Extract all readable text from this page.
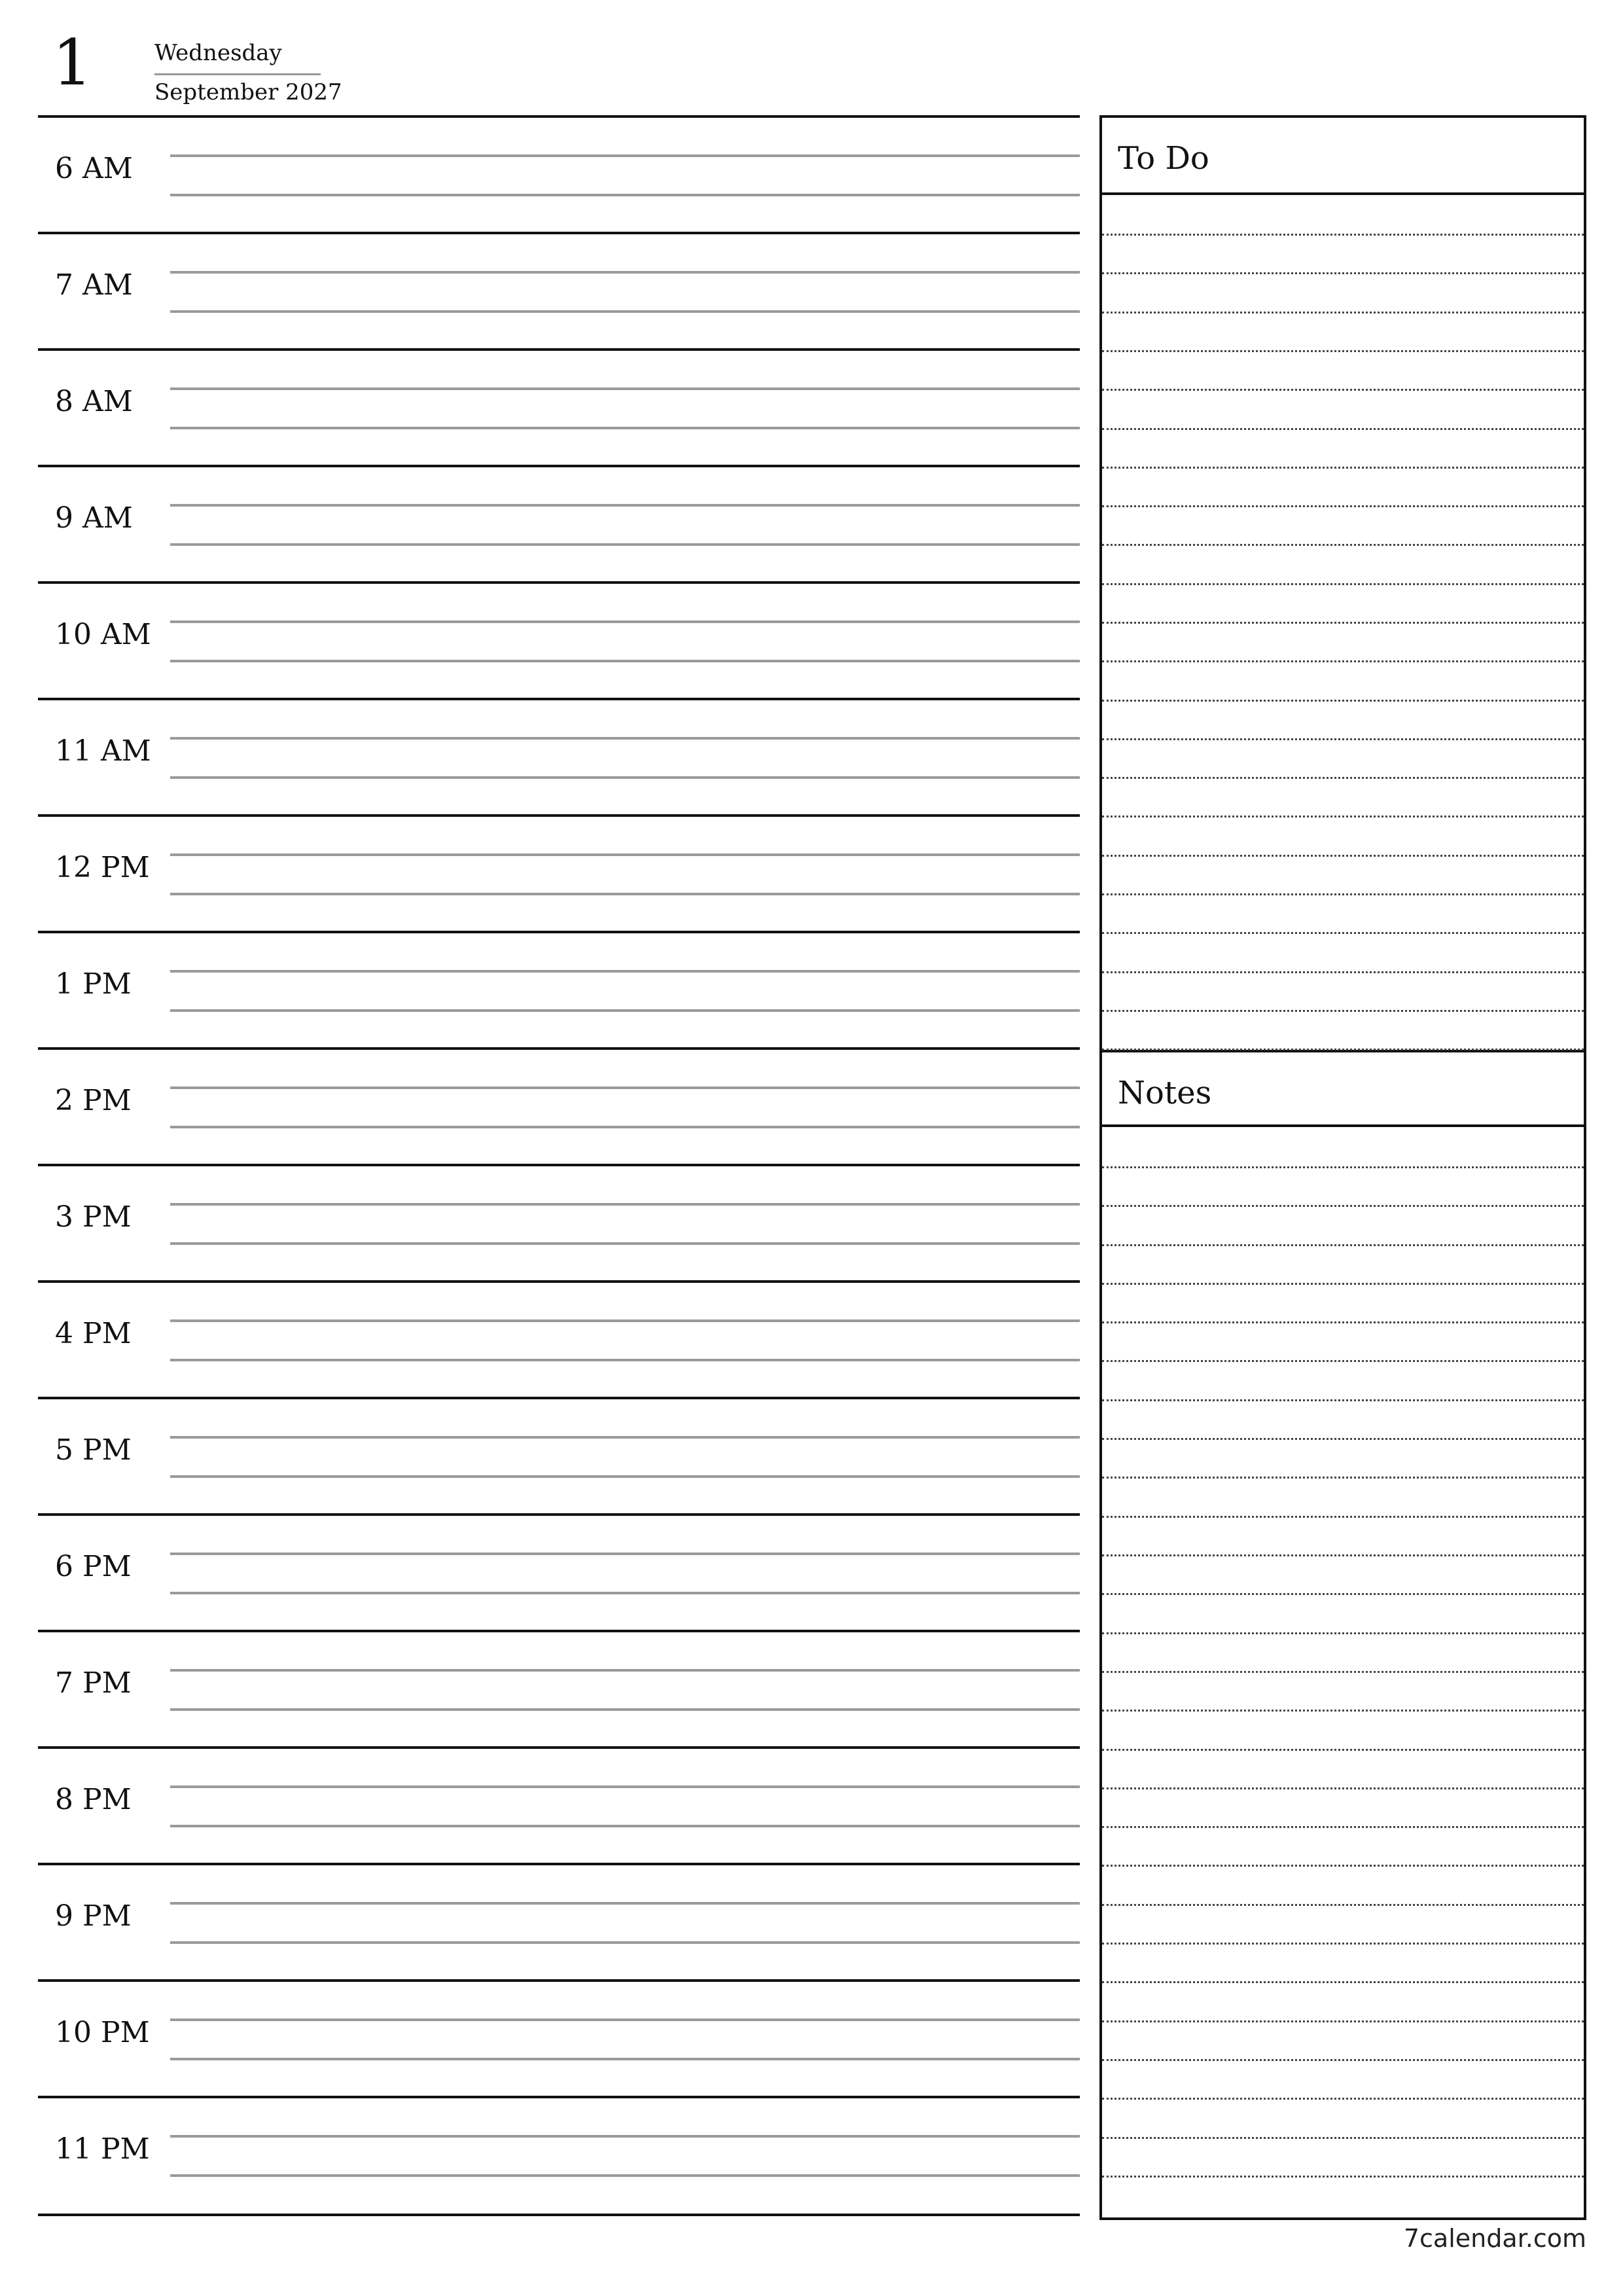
1	Wednesday
September 2027
6 AM
7 AM
8 AM
9 AM
10 AM
11 AM
12 PM
1 PM
2 PM
3 PM
4 PM
5 PM
6 PM
7 PM
8 PM
9 PM
10 PM
11 PM
To Do
Notes
7calendar.com
